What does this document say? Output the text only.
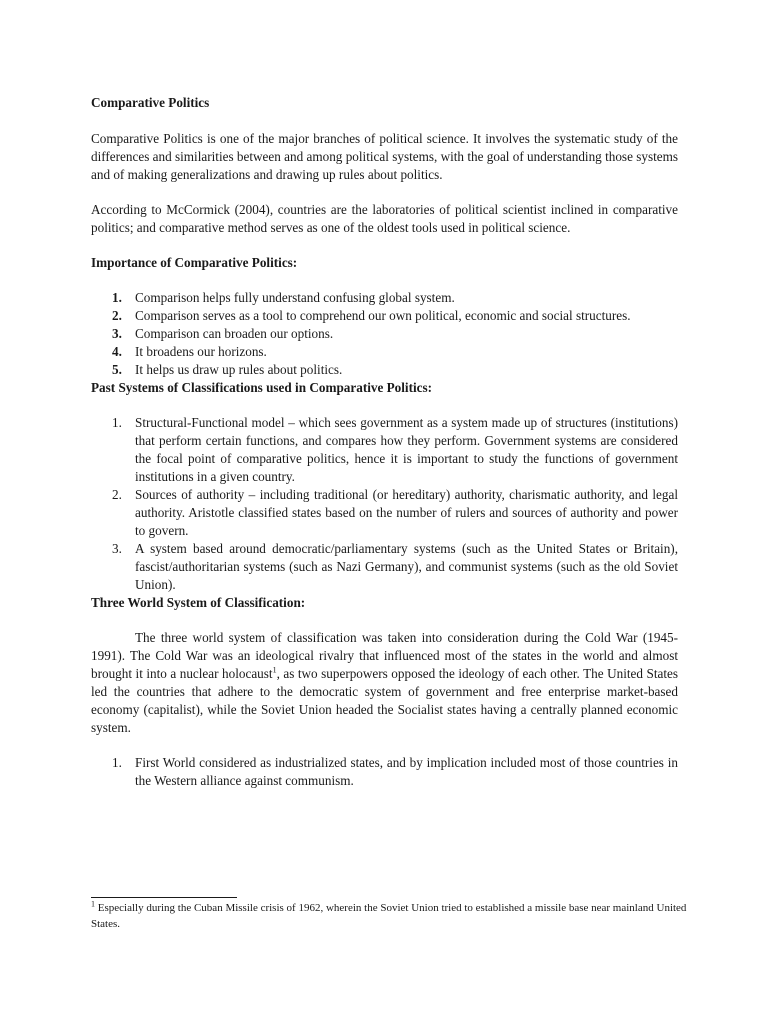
Comparative Politics

Comparative Politics is one of the major branches of political science. It involves the systematic study of the differences and similarities between and among political systems, with the goal of understanding those systems and of making generalizations and drawing up rules about politics.

According to McCormick (2004), countries are the laboratories of political scientist inclined in comparative politics; and comparative method serves as one of the oldest tools used in political science.

Importance of Comparative Politics:
1. Comparison helps fully understand confusing global system.
2. Comparison serves as a tool to comprehend our own political, economic and social structures.
3. Comparison can broaden our options.
4. It broadens our horizons.
5. It helps us draw up rules about politics.
Past Systems of Classifications used in Comparative Politics:
1. Structural-Functional model – which sees government as a system made up of structures (institutions) that perform certain functions, and compares how they perform. Government systems are considered the focal point of comparative politics, hence it is important to study the functions of government institutions in a given country.
2. Sources of authority – including traditional (or hereditary) authority, charismatic authority, and legal authority. Aristotle classified states based on the number of rulers and sources of authority and power to govern.
3. A system based around democratic/parliamentary systems (such as the United States or Britain), fascist/authoritarian systems (such as Nazi Germany), and communist systems (such as the old Soviet Union).
Three World System of Classification:

The three world system of classification was taken into consideration during the Cold War (1945-1991). The Cold War was an ideological rivalry that influenced most of the states in the world and almost brought it into a nuclear holocaust$^1$, as two superpowers opposed the ideology of each other. The United States led the countries that adhere to the democratic system of government and free enterprise market-based economy (capitalist), while the Soviet Union headed the Socialist states having a centrally planned economic system.

1. First World considered as industrialized states, and by implication included most of those countries in the Western alliance against communism.
$^1$ Especially during the Cuban Missile crisis of 1962, wherein the Soviet Union tried to established a missile base near mainland United States.
